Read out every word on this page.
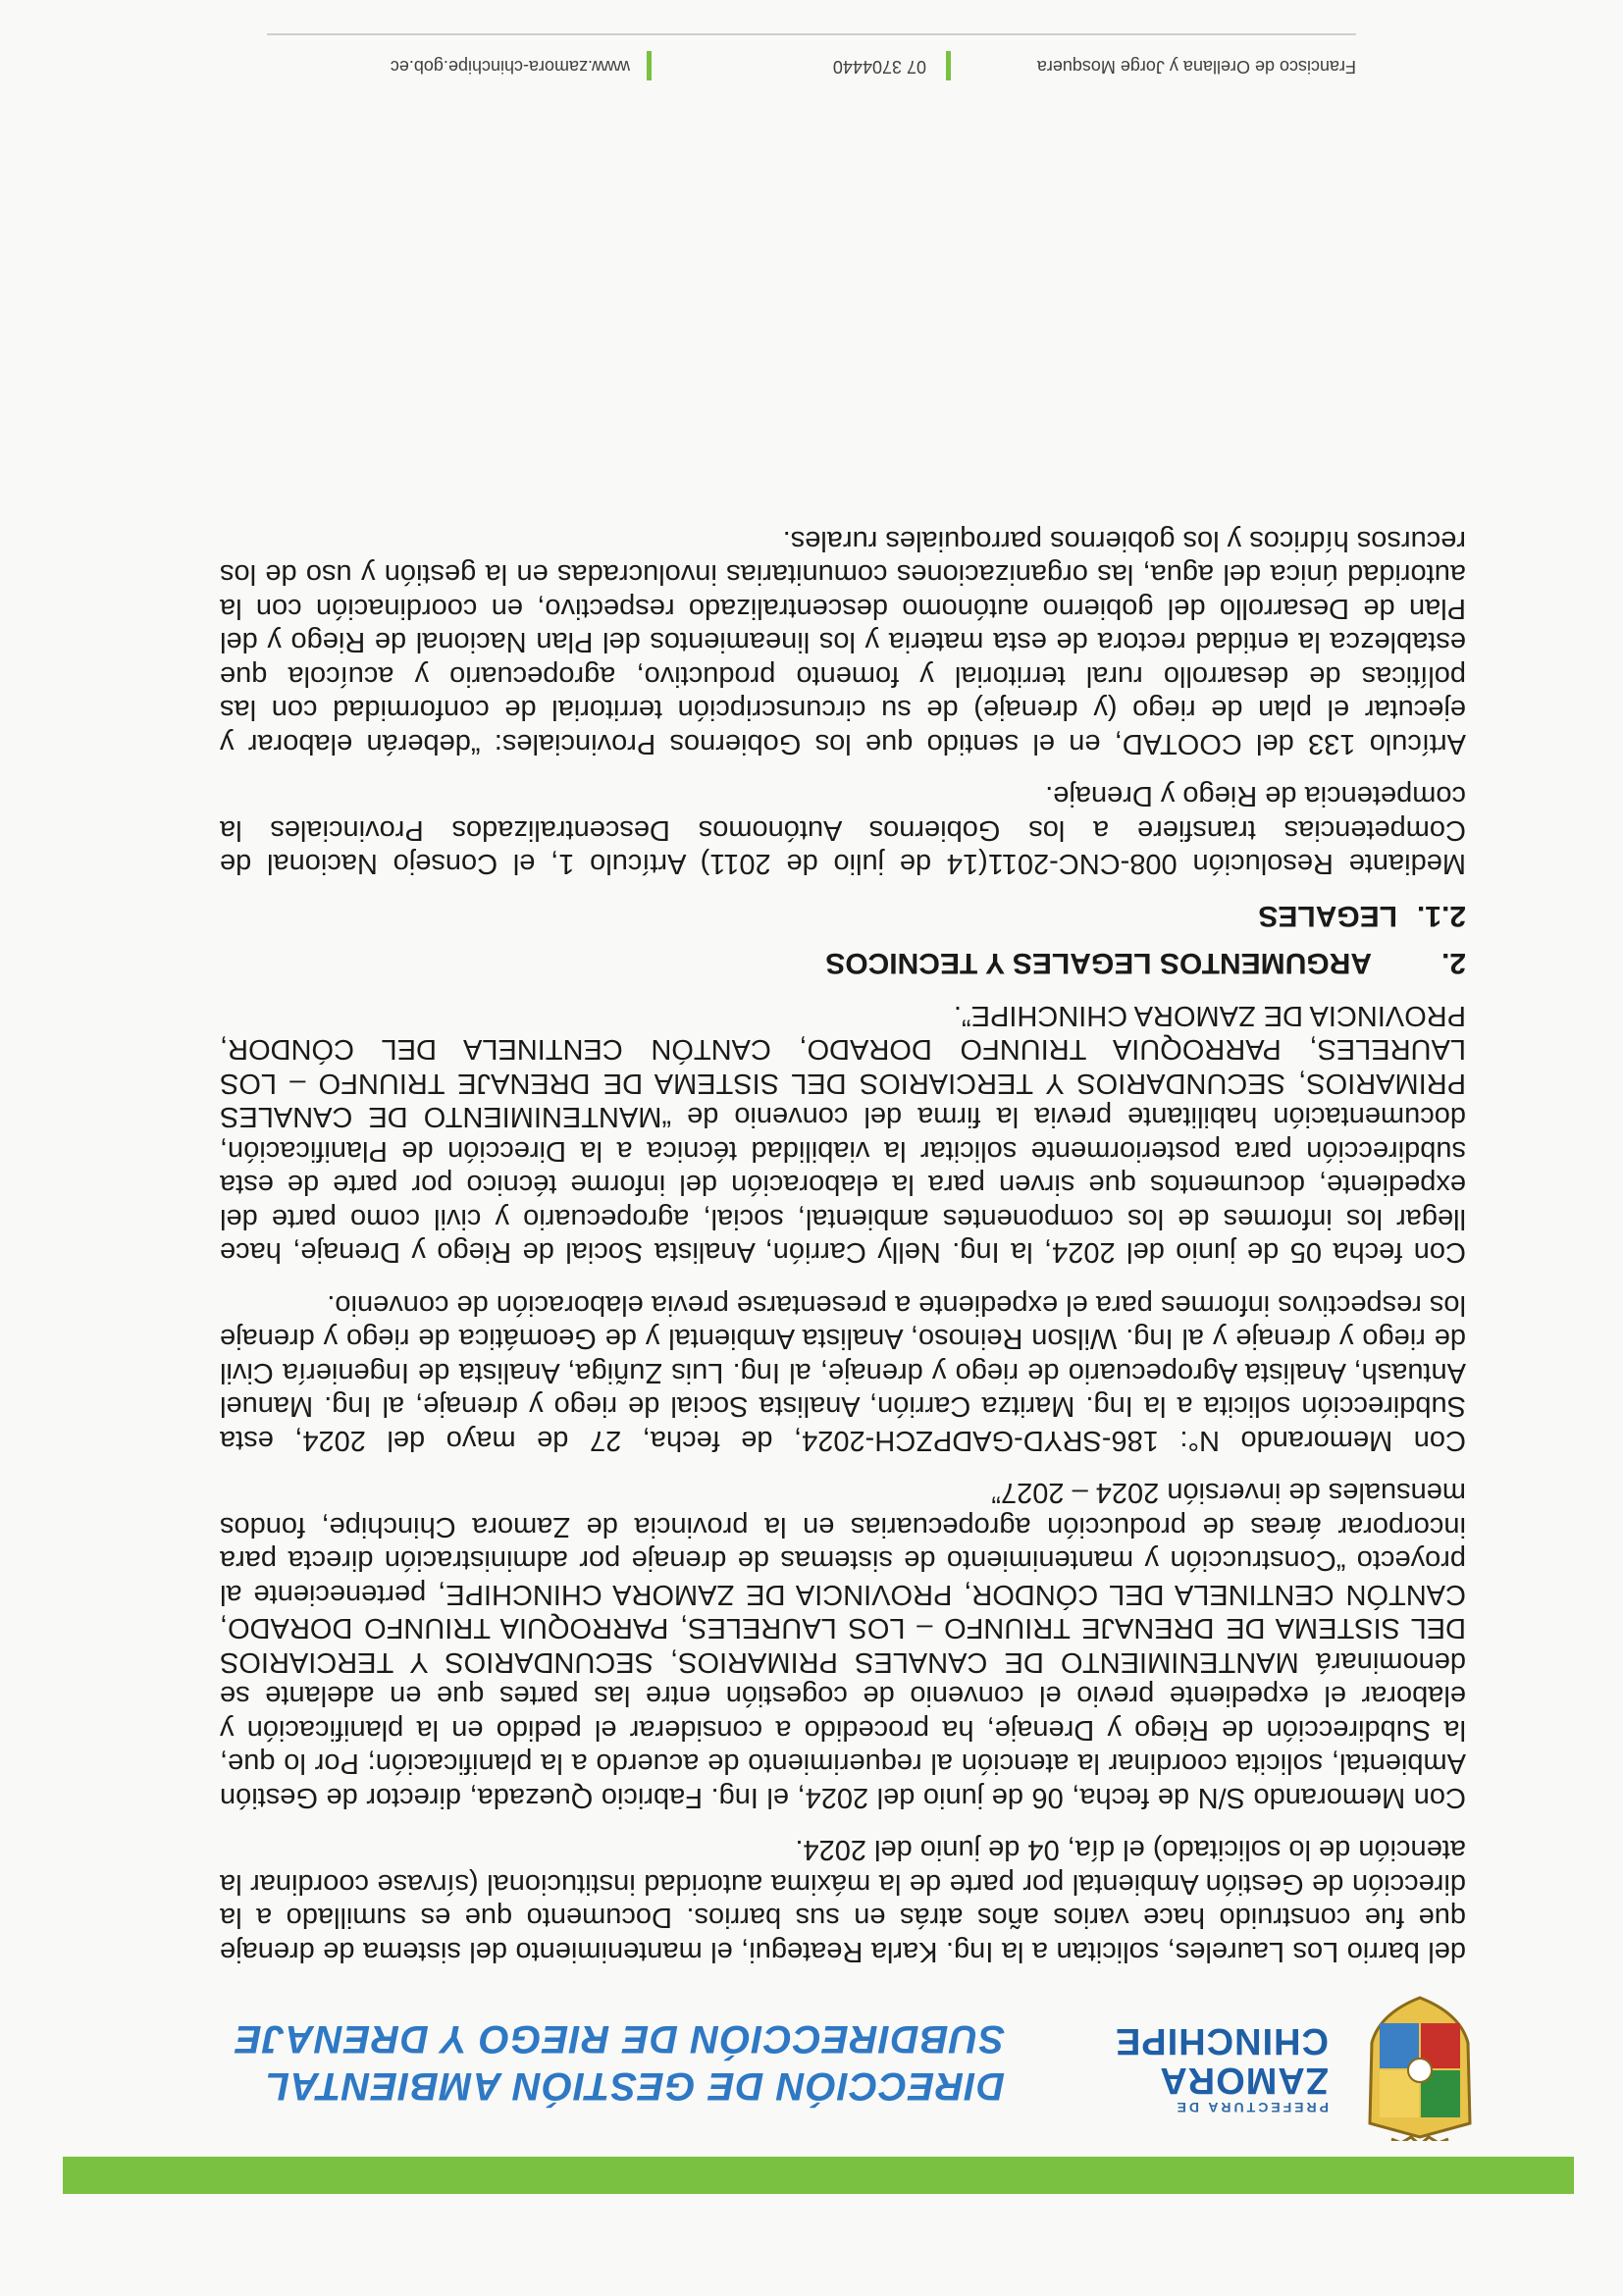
PREFECTURA DE
ZAMORA
CHINCHIPE
DIRECCIÓN DE GESTIÓN AMBIENTAL
SUBDIRECCIÓN DE RIEGO Y DRENAJE

del barrio Los Laureles, solicitan a la Ing. Karla Reategui, el mantenimiento del sistema de drenaje que fue construido hace varios años atrás en sus barrios. Documento que es sumillado a la dirección de Gestión Ambiental por parte de la máxima autoridad institucional (sírvase coordinar la atención de lo solicitado) el día, 04 de junio del 2024.

Con Memorando S/N de fecha, 06 de junio del 2024, el Ing. Fabricio Quezada, director de Gestión Ambiental, solicita coordinar la atención al requerimiento de acuerdo a la planificación; Por lo que, la Subdirección de Riego y Drenaje, ha procedido a considerar el pedido en la planificación y elaborar el expediente previo el convenio de cogestión entre las partes que en adelante se denominará MANTENIMIENTO DE CANALES PRIMARIOS, SECUNDARIOS Y TERCIARIOS DEL SISTEMA DE DRENAJE TRIUNFO – LOS LAURELES, PARROQUIA TRIUNFO DORADO, CANTÓN CENTINELA DEL CÓNDOR, PROVINCIA DE ZAMORA CHINCHIPE, perteneciente al proyecto “Construcción y mantenimiento de sistemas de drenaje por administración directa para incorporar áreas de producción agropecuarias en la provincia de Zamora Chinchipe, fondos mensuales de inversión 2024 – 2027”

Con Memorando N°: 186-SRYD-GADPZCH-2024, de fecha, 27 de mayo del 2024, esta Subdirección solicita a la Ing. Maritza Carrión, Analista Social de riego y drenaje, al Ing. Manuel Antuash, Analista Agropecuario de riego y drenaje, al Ing. Luis Zuñiga, Analista de Ingeniería Civil de riego y drenaje y al Ing. Wilson Reinoso, Analista Ambiental y de Geomática de riego y drenaje los respectivos informes para el expediente a presentarse previa elaboración de convenio.

Con fecha 05 de junio del 2024, la Ing. Nelly Carrión, Analista Social de Riego y Drenaje, hace llegar los informes de los componentes ambiental, social, agropecuario y civil como parte del expediente, documentos que sirven para la elaboración del informe técnico por parte de esta subdirección para posteriormente solicitar la viabilidad técnica a la Dirección de Planificación, documentación habilitante previa la firma del convenio de “MANTENIMIENTO DE CANALES PRIMARIOS, SECUNDARIOS Y TERCIARIOS DEL SISTEMA DE DRENAJE TRIUNFO – LOS LAURELES, PARROQUIA TRIUNFO DORADO, CANTÓN CENTINELA DEL CÓNDOR, PROVINCIA DE ZAMORA CHINCHIPE”.

2.ARGUMENTOS LEGALES Y TECNICOS
2.1.LEGALES

Mediante Resolución 008-CNC-2011(14 de julio de 2011) Artículo 1, el Consejo Nacional de Competencias transfiere a los Gobiernos Autónomos Descentralizados Provinciales la competencia de Riego y Drenaje.

Artículo 133 del COOTAD, en el sentido que los Gobiernos Provinciales: “deberán elaborar y ejecutar el plan de riego (y drenaje) de su circunscripción territorial de conformidad con las políticas de desarrollo rural territorial y fomento productivo, agropecuario y acuícola que establezca la entidad rectora de esta materia y los lineamientos del Plan Nacional de Riego y del Plan de Desarrollo del gobierno autónomo descentralizado respectivo, en coordinación con la autoridad única del agua, las organizaciones comunitarias involucradas en la gestión y uso de los recursos hídricos y los gobiernos parroquiales rurales.

Francisco de Orellana y Jorge Mosquera
07 3704440
www.zamora-chinchipe.gob.ec
